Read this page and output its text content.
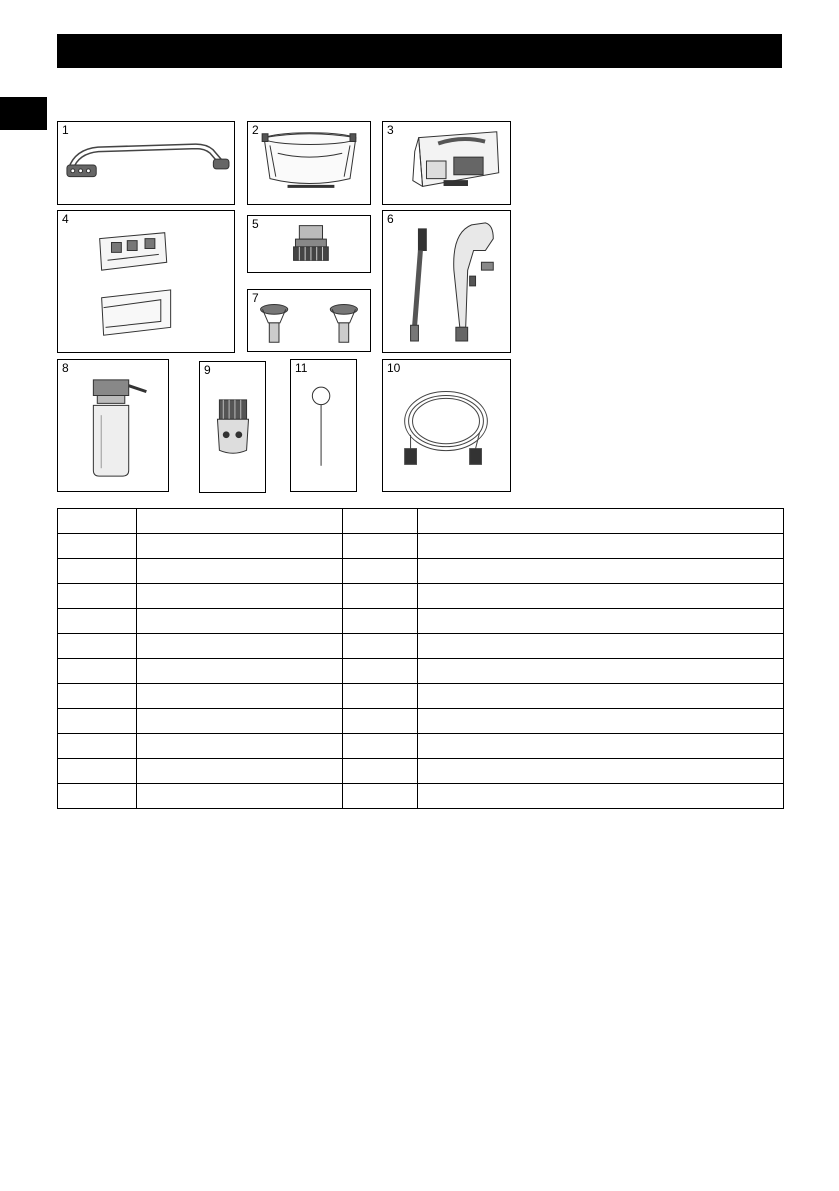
1	2	3
4	5	6
7
8	9	11	10
